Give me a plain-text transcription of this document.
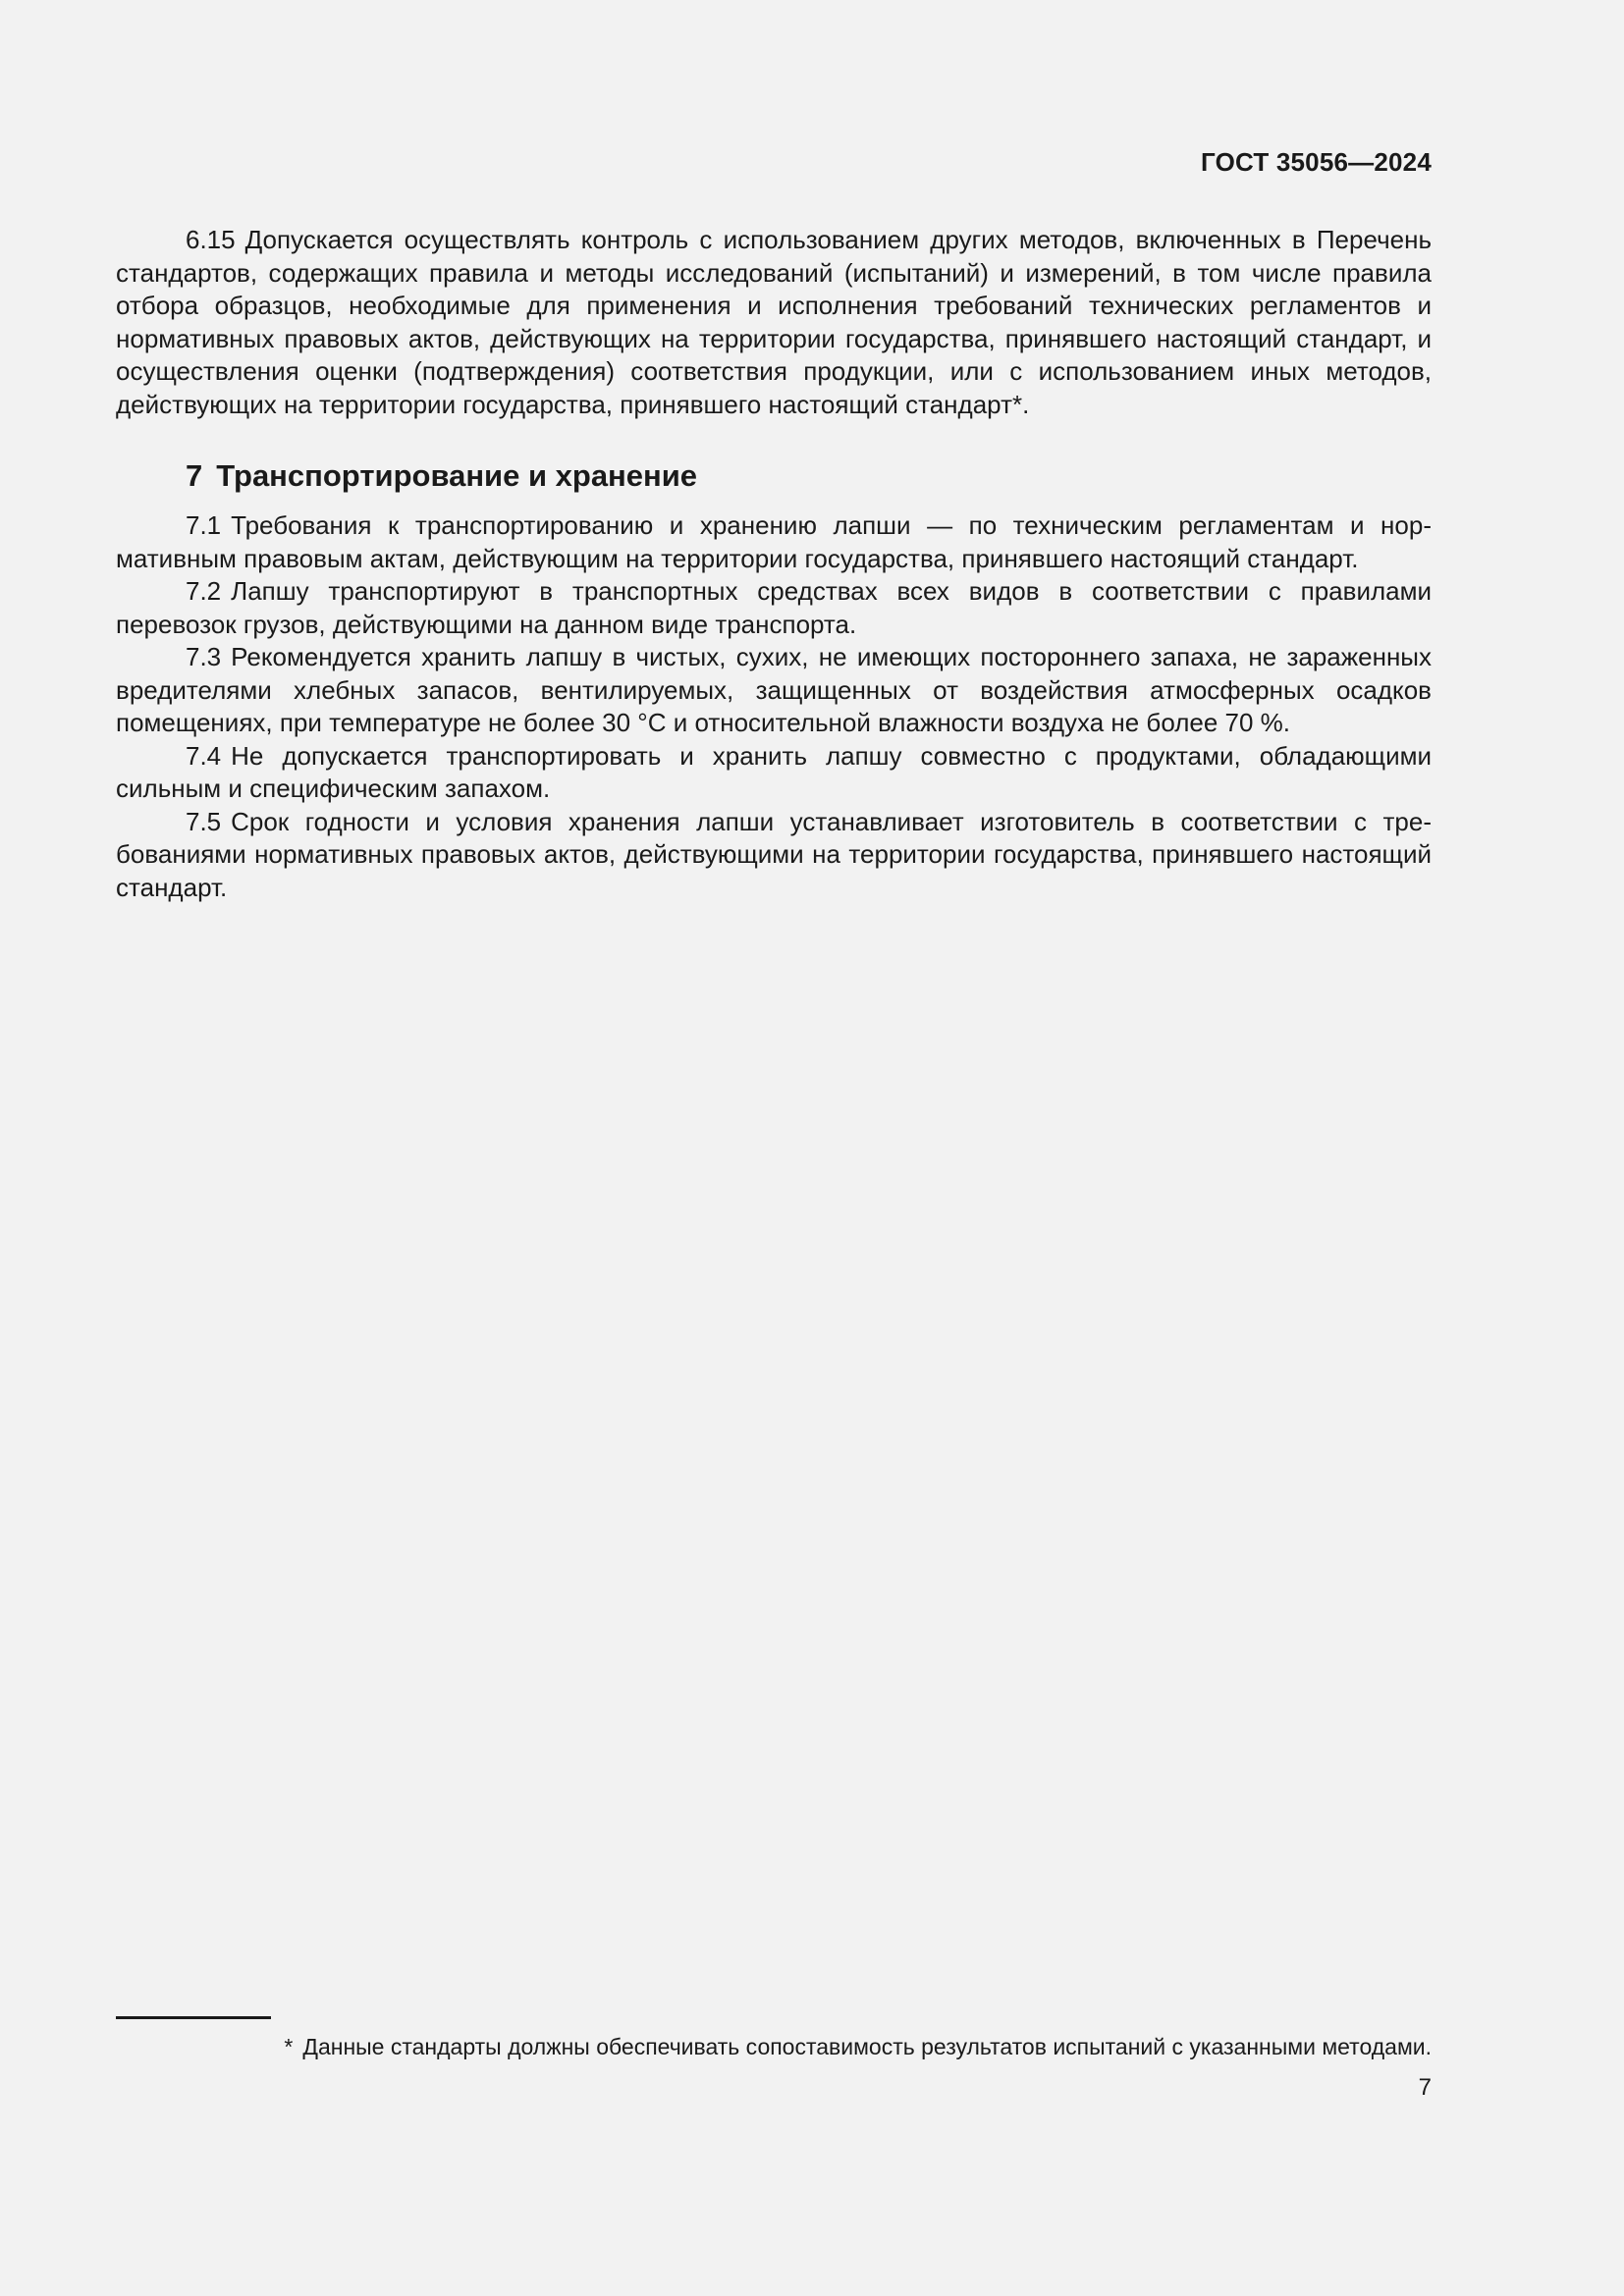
ГОСТ 35056—2024

6.15 Допускается осуществлять контроль с использованием других методов, включенных в Перечень стандартов, содержащих правила и методы исследований (испытаний) и измерений, в том числе правила отбора образцов, необходимые для применения и исполнения требований технических регламентов и нормативных правовых актов, действующих на территории государства, принявшего настоящий стандарт, и осуществления оценки (подтверждения) соответствия продукции, или с использованием иных методов, действующих на территории государства, принявшего настоящий стандарт*.

7 Транспортирование и хранение

7.1 Требования к транспортированию и хранению лапши — по техническим регламентам и нормативным правовым актам, действующим на территории государства, принявшего настоящий стандарт.

7.2 Лапшу транспортируют в транспортных средствах всех видов в соответствии с правилами перевозок грузов, действующими на данном виде транспорта.

7.3 Рекомендуется хранить лапшу в чистых, сухих, не имеющих постороннего запаха, не зараженных вредителями хлебных запасов, вентилируемых, защищенных от воздействия атмосферных осадков помещениях, при температуре не более 30 °С и относительной влажности воздуха не более 70 %.

7.4 Не допускается транспортировать и хранить лапшу совместно с продуктами, обладающими сильным и специфическим запахом.

7.5 Срок годности и условия хранения лапши устанавливает изготовитель в соответствии с требованиями нормативных правовых актов, действующими на территории государства, принявшего настоящий стандарт.

* Данные стандарты должны обеспечивать сопоставимость результатов испытаний с указанными методами.
7
